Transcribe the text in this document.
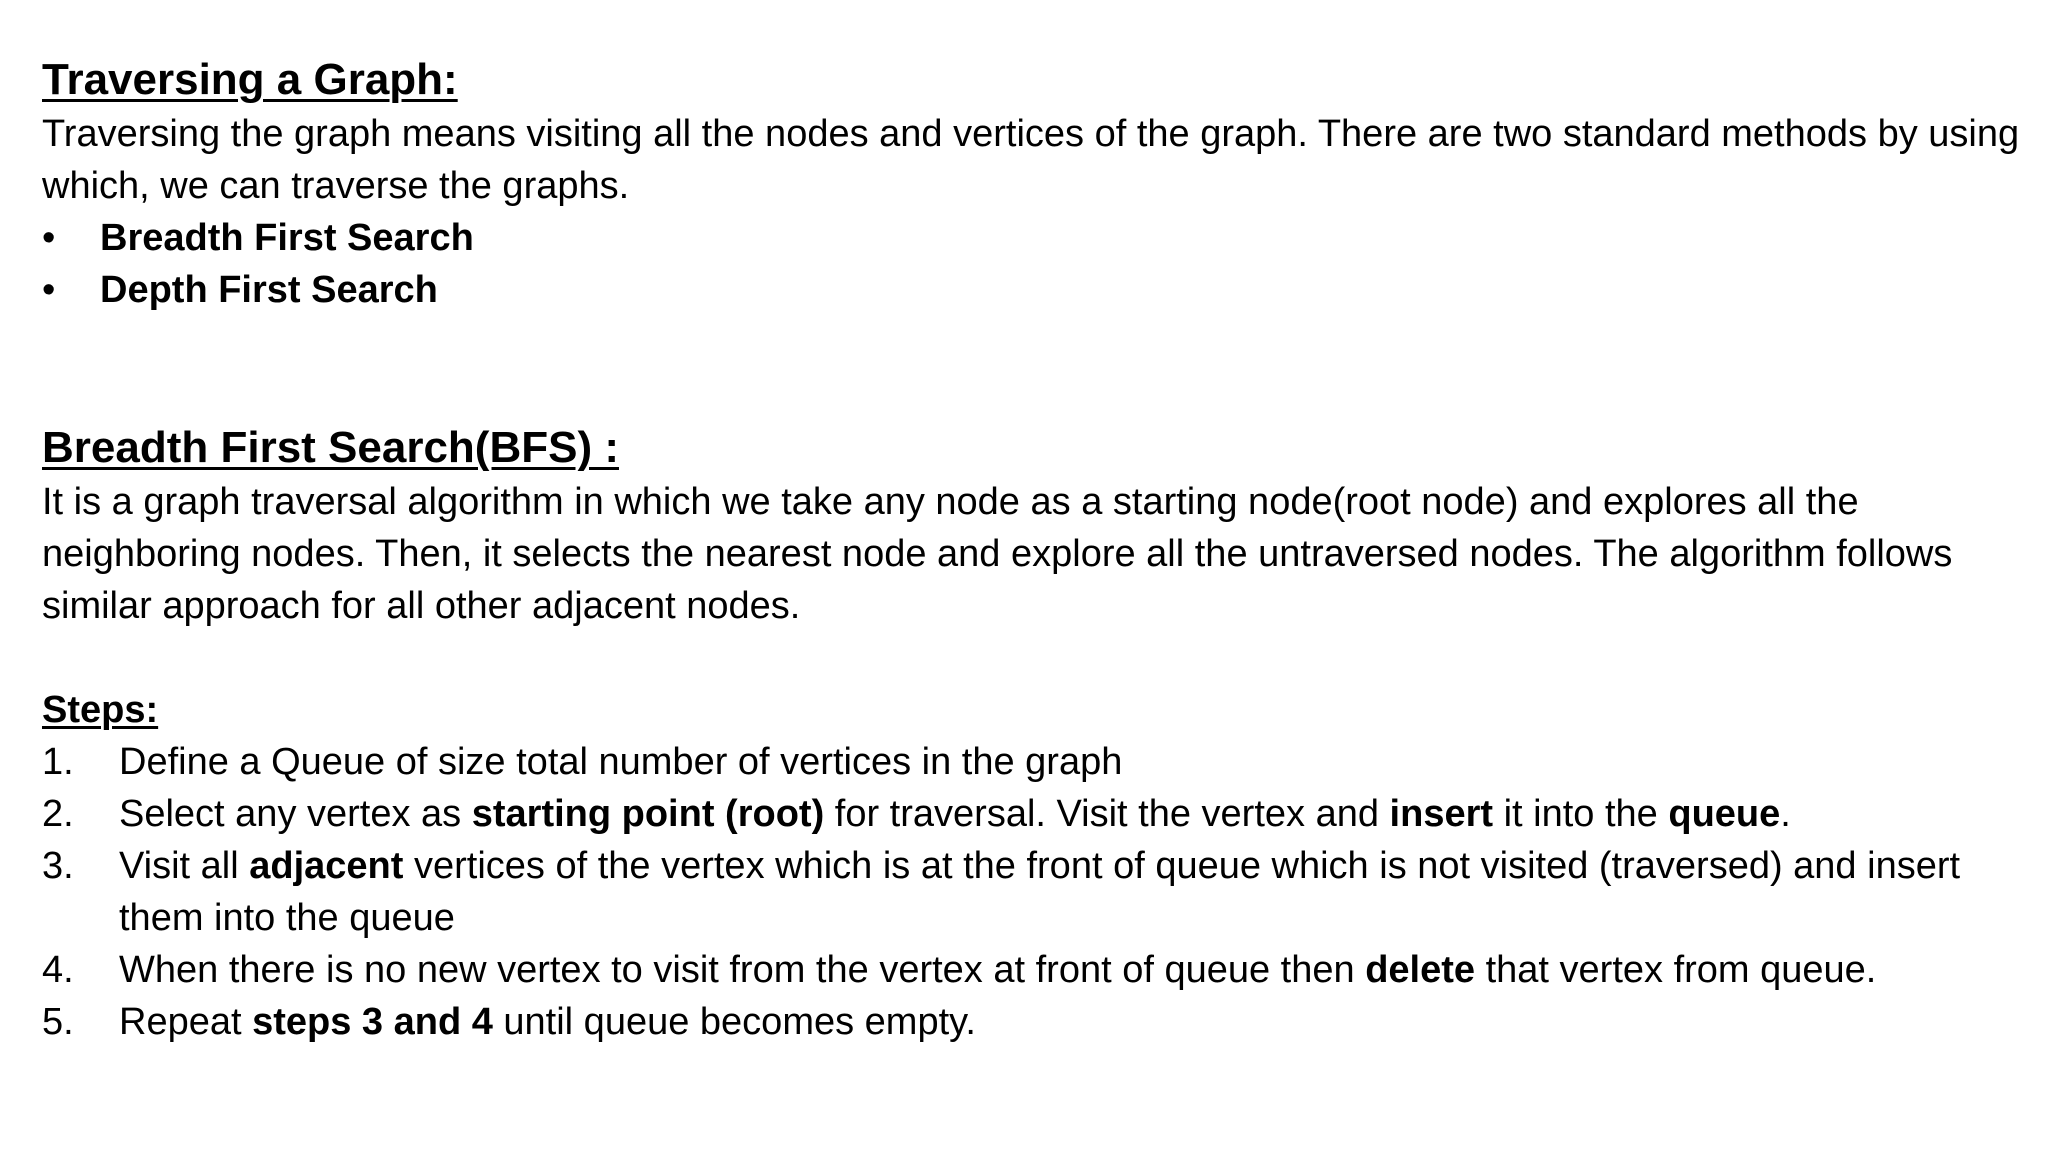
Traversing a Graph:

Traversing the graph means visiting all the nodes and vertices of the graph. There are two standard methods by using which, we can traverse the graphs.

• Breadth First Search
• Depth First Search

Breadth First Search(BFS) :

It is a graph traversal algorithm in which we take any node as a starting node(root node) and explores all the neighboring nodes. Then, it selects the nearest node and explore all the untraversed nodes. The algorithm follows similar approach for all other adjacent nodes.

Steps:
1. Define a Queue of size total number of vertices in the graph
2. Select any vertex as starting point (root) for traversal. Visit the vertex and insert it into the queue.
3. Visit all adjacent vertices of the vertex which is at the front of queue which is not visited (traversed) and insert them into the queue
4. When there is no new vertex to visit from the vertex at front of queue then delete that vertex from queue.
5. Repeat steps 3 and 4 until queue becomes empty.
